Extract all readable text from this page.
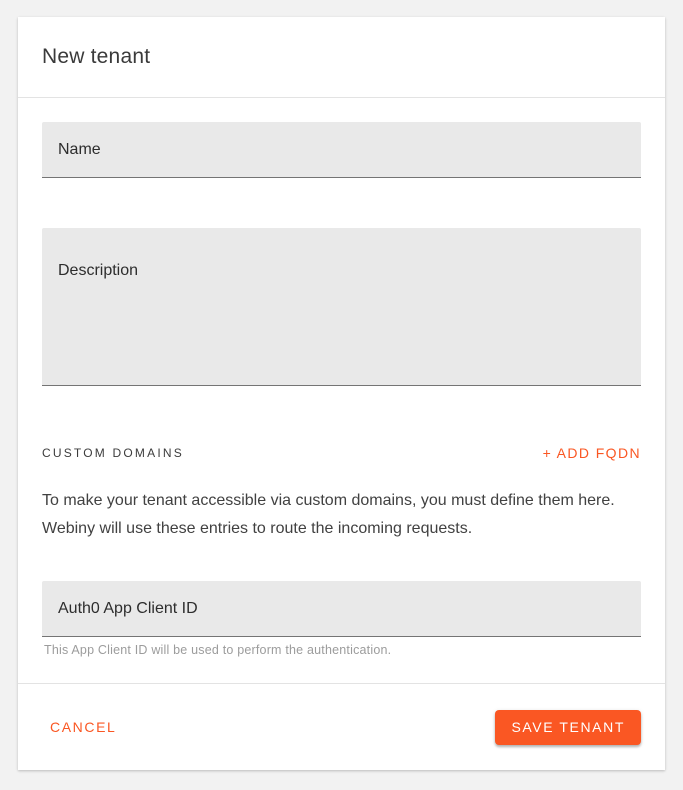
New tenant
Name
Description
CUSTOM DOMAINS	+ ADD FQDN
To make your tenant accessible via custom domains, you must define them here.
Webiny will use these entries to route the incoming requests.
Auth0 App Client ID
This App Client ID will be used to perform the authentication.
CANCEL	SAVE TENANT
